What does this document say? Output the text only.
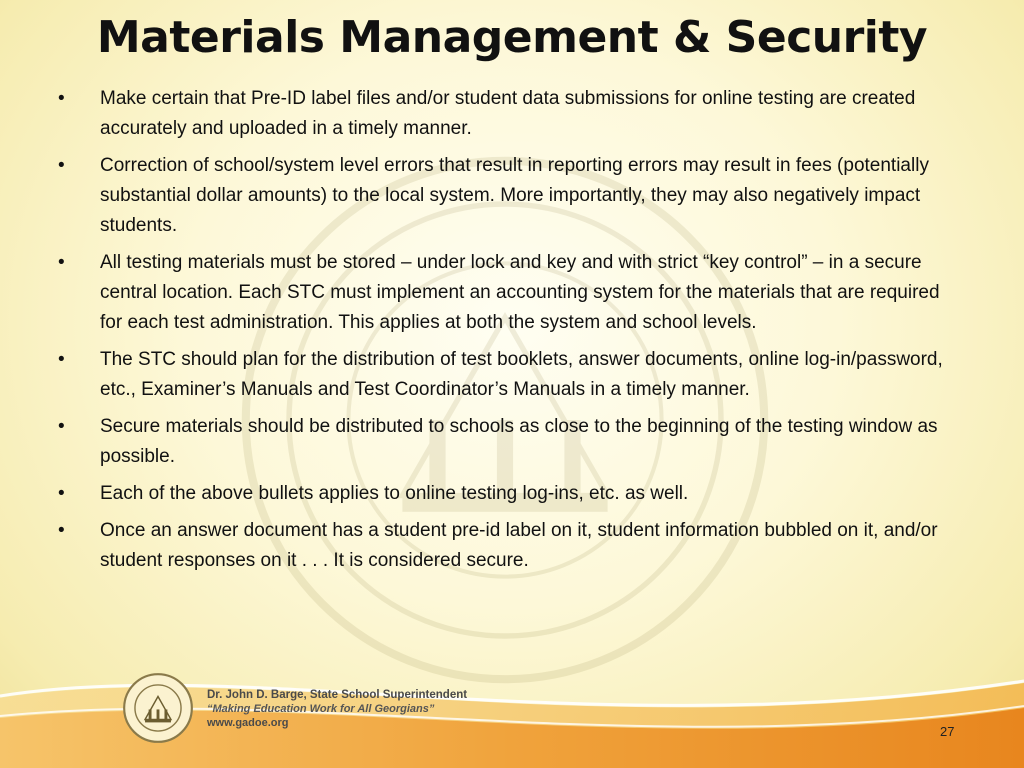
Materials Management & Security
• Make certain that Pre-ID label files and/or student data submissions for online testing are created accurately and uploaded in a timely manner.
• Correction of school/system level errors that result in reporting errors may result in fees (potentially substantial dollar amounts) to the local system. More importantly, they may also negatively impact students.
• All testing materials must be stored – under lock and key and with strict “key control” – in a secure central location. Each STC must implement an accounting system for the materials that are required for each test administration. This applies at both the system and school levels.
• The STC should plan for the distribution of test booklets, answer documents, online log-in/password, etc., Examiner’s Manuals and Test Coordinator’s Manuals in a timely manner.
• Secure materials should be distributed to schools as close to the beginning of the testing window as possible.
• Each of the above bullets applies to online testing log-ins, etc. as well.
• Once an answer document has a student pre-id label on it, student information bubbled on it, and/or student responses on it . . . It is considered secure.
Dr. John D. Barge, State School Superintendent
“Making Education Work for All Georgians”
www.gadoe.org
27
